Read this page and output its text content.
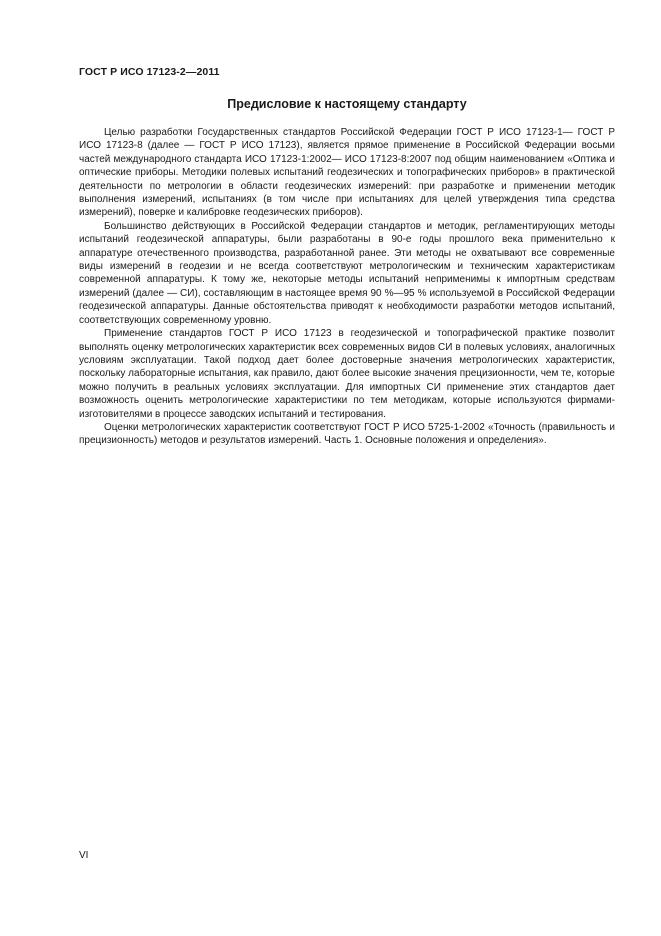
ГОСТ Р ИСО 17123-2—2011
Предисловие к настоящему стандарту

Целью разработки Государственных стандартов Российской Федерации ГОСТ Р ИСО 17123-1— ГОСТ Р ИСО 17123-8 (далее — ГОСТ Р ИСО 17123), является прямое применение в Российской Федерации восьми частей международного стандарта ИСО 17123-1:2002— ИСО 17123-8:2007 под общим наименованием «Оптика и оптические приборы. Методики полевых испытаний геодезических и топографических приборов» в практической деятельности по метрологии в области геодезических измерений: при разработке и применении методик выполнения измерений, испытаниях (в том числе при испытаниях для целей утверждения типа средства измерений), поверке и калибровке геодезических приборов).

Большинство действующих в Российской Федерации стандартов и методик, регламентирующих методы испытаний геодезической аппаратуры, были разработаны в 90-е годы прошлого века применительно к аппаратуре отечественного производства, разработанной ранее. Эти методы не охватывают все современные виды измерений в геодезии и не всегда соответствуют метрологическим и техническим характеристикам современной аппаратуры. К тому же, некоторые методы испытаний неприменимы к импортным средствам измерений (далее — СИ), составляющим в настоящее время 90 %—95 % используемой в Российской Федерации геодезической аппаратуры. Данные обстоятельства приводят к необходимости разработки методов испытаний, соответствующих современному уровню.

Применение стандартов ГОСТ Р ИСО 17123 в геодезической и топографической практике позволит выполнять оценку метрологических характеристик всех современных видов СИ в полевых условиях, аналогичных условиям эксплуатации. Такой подход дает более достоверные значения метрологических характеристик, поскольку лабораторные испытания, как правило, дают более высокие значения прецизионности, чем те, которые можно получить в реальных условиях эксплуатации. Для импортных СИ применение этих стандартов дает возможность оценить метрологические характеристики по тем методикам, которые используются фирмами-изготовителями в процессе заводских испытаний и тестирования.

Оценки метрологических характеристик соответствуют ГОСТ Р ИСО 5725-1-2002 «Точность (правильность и прецизионность) методов и результатов измерений. Часть 1. Основные положения и определения».

VI
